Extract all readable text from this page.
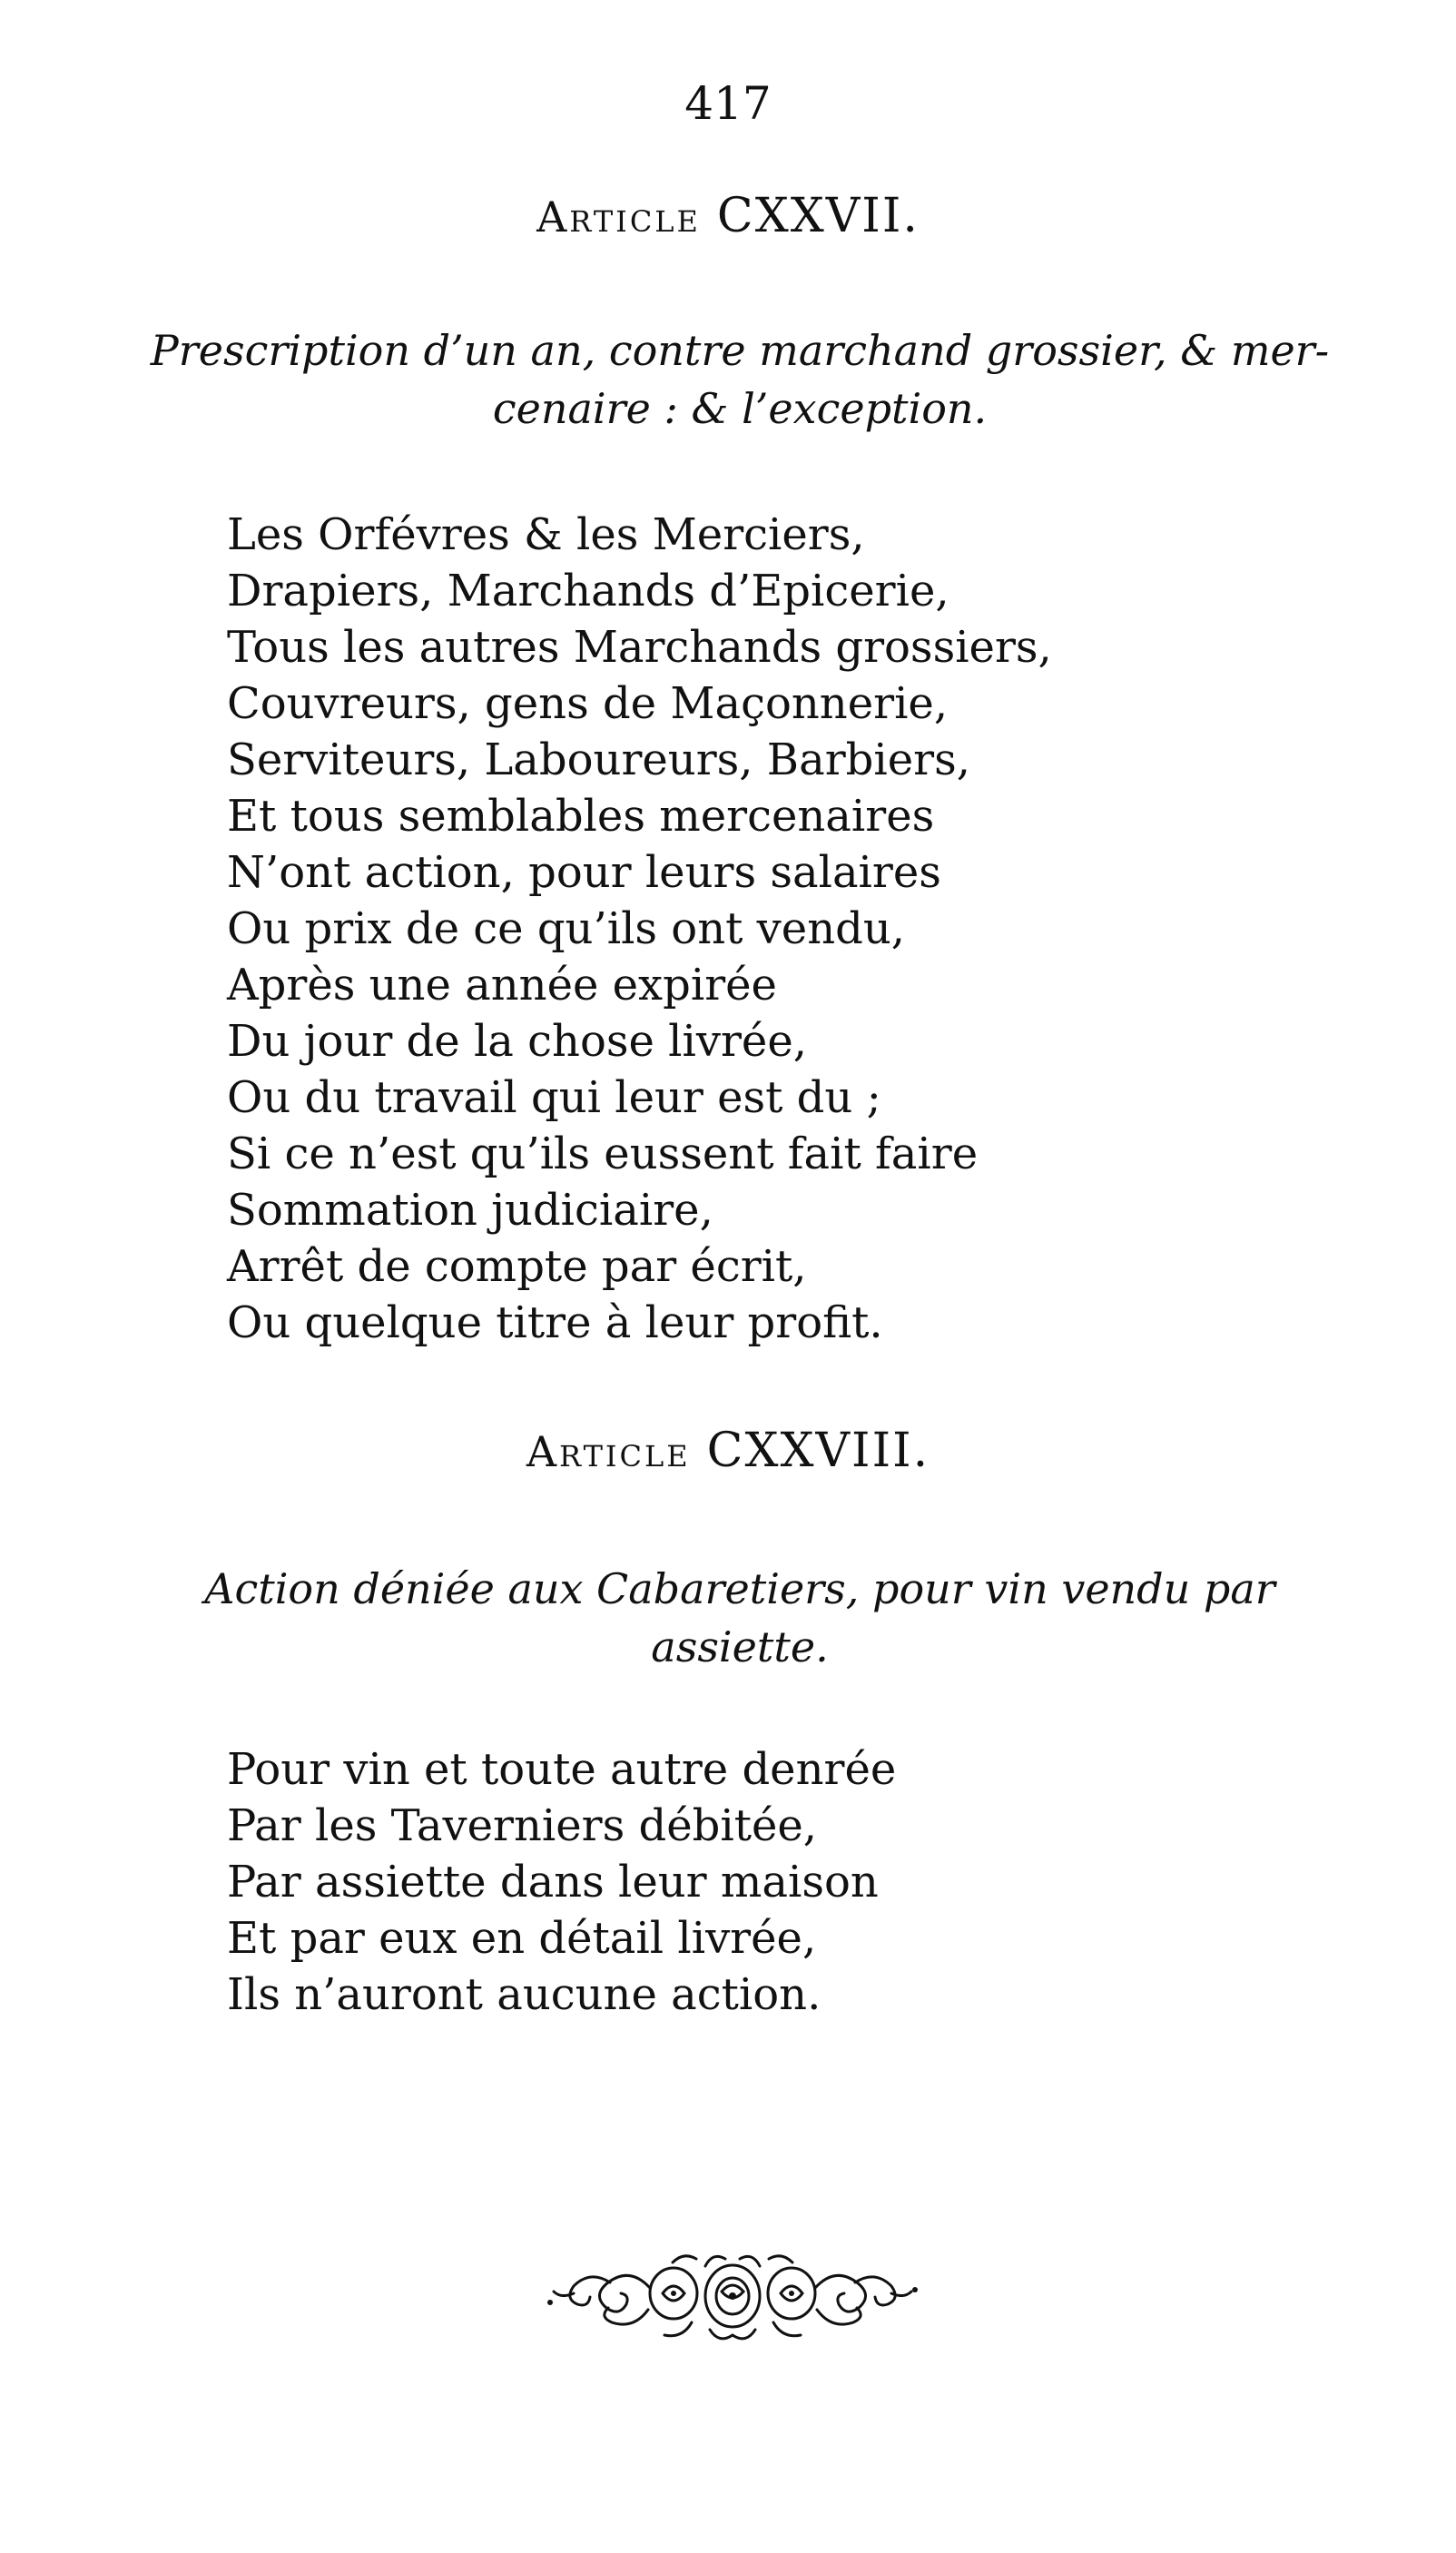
417
Article CXXVII.
Prescription d’un an, contre marchand grossier, & mer-
cenaire : & l’exception.
Les Orfévres & les Merciers,
Drapiers, Marchands d’Epicerie,
Tous les autres Marchands grossiers,
Couvreurs, gens de Maçonnerie,
Serviteurs, Laboureurs, Barbiers,
Et tous semblables mercenaires
N’ont action, pour leurs salaires
Ou prix de ce qu’ils ont vendu,
Après une année expirée
Du jour de la chose livrée,
Ou du travail qui leur est du ;
Si ce n’est qu’ils eussent fait faire
Sommation judiciaire,
Arrêt de compte par écrit,
Ou quelque titre à leur profit.
Article CXXVIII.
Action déniée aux Cabaretiers, pour vin vendu par
assiette.
Pour vin et toute autre denrée
Par les Taverniers débitée,
Par assiette dans leur maison
Et par eux en détail livrée,
Ils n’auront aucune action.
